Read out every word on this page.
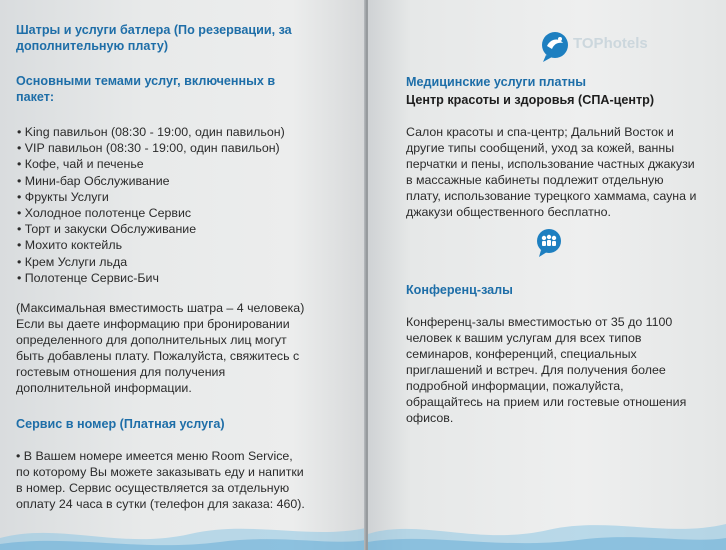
Шатры и услуги батлера (По резервации, за

дополнительную плату)

Основными темами услуг, включенных в

пакет:

• King павильон (08:30 - 19:00, один павильон)
• VIP павильон (08:30 - 19:00, один павильон)
• Кофе, чай и печенье
• Мини-бар Обслуживание
• Фрукты Услуги
• Холодное полотенце Сервис
• Торт и закуски Обслуживание
• Мохито коктейль
• Крем Услуги льда
• Полотенце Сервис-Бич

(Максимальная вместимость шатра – 4 человека)

Если вы даете информацию при бронировании

определенного для дополнительных лиц могут

быть добавлены плату. Пожалуйста, свяжитесь с

гостевым отношения для получения

дополнительной информации.

Сервис в номер (Платная услуга)

• В Вашем номере имеется меню Room Service,

по которому Вы можете заказывать еду и напитки

в номер. Сервис осуществляется за отдельную

оплату 24 часа в сутки (телефон для заказа: 460).

TOPhotels

Медицинские услуги платны

Центр красоты и здоровья (СПА-центр)

Салон красоты и спа-центр; Дальний Восток и

другие типы сообщений, уход за кожей, ванны

перчатки и пены, использование частных джакузи

в массажные кабинеты подлежит отдельную

плату, использование турецкого хаммама, сауна и

джакузи общественного бесплатно.

Конференц-залы

Конференц-залы вместимостью от 35 до 1100

человек к вашим услугам для всех типов

семинаров, конференций, специальных

приглашений и встреч. Для получения более

подробной информации, пожалуйста,

обращайтесь на прием или гостевые отношения

офисов.
